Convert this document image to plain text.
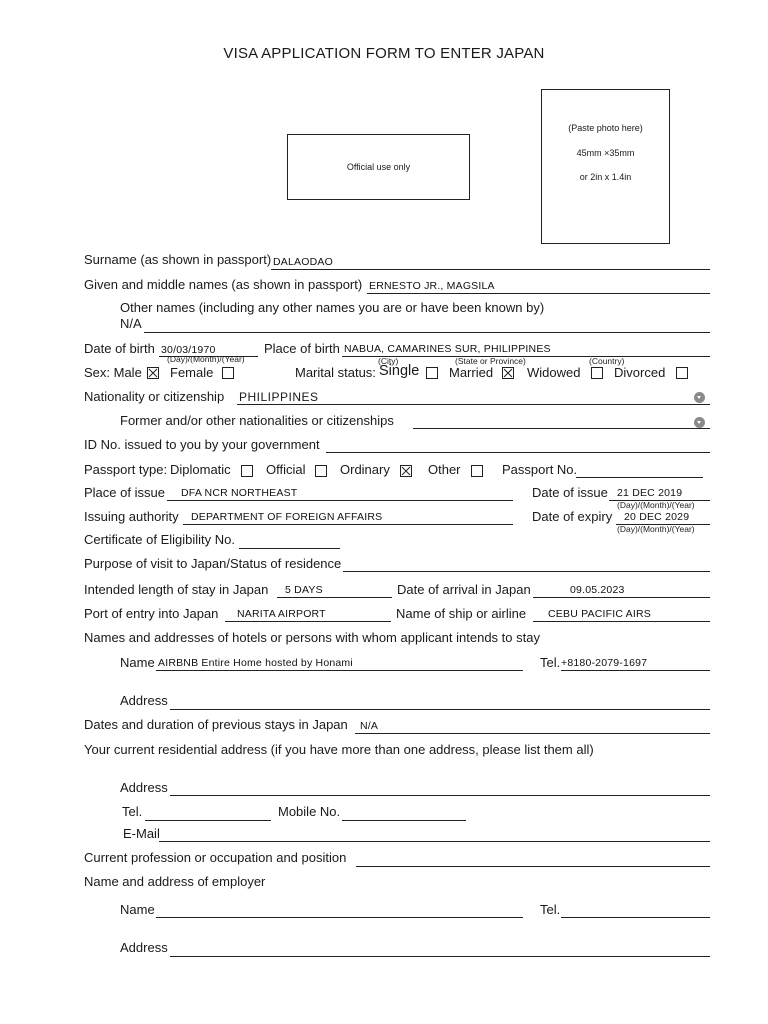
VISA APPLICATION FORM TO ENTER JAPAN
Official use only
(Paste photo here)
45mm ×35mm
or 2in x 1.4in
Surname (as shown in passport) DALAODAO
Given and middle names (as shown in passport) ERNESTO JR., MAGSILA
Other names (including any other names you are or have been known by)
N/A
Date of birth 30/03/1970
(Day)/(Month)/(Year)
Place of birth NABUA, CAMARINES SUR, PHILIPPINES
(City)	(State or Province)	(Country)
Sex: Male Female	Marital status: Single Married	Widowed	Divorced
Nationality or citizenship PHILIPPINES
Former and/or other nationalities or citizenships
ID No. issued to you by your government
Passport type: Diplomatic	Official	Ordinary	Other	Passport No.
Place of issue DFA NCR NORTHEAST	Date of issue 21 DEC 2019
(Day)/(Month)/(Year)
Issuing authority DEPARTMENT OF FOREIGN AFFAIRS	Date of expiry 20 DEC 2029
(Day)/(Month)/(Year)
Certificate of Eligibility No.
Purpose of visit to Japan/Status of residence
Intended length of stay in Japan 5 DAYS	Date of arrival in Japan	09.05.2023
Port of entry into Japan NARITA AIRPORT	Name of ship or airline CEBU PACIFIC AIRS
Names and addresses of hotels or persons with whom applicant intends to stay
Name AIRBNB Entire Home hosted by Honami	Tel. +8180-2079-1697
Address
Dates and duration of previous stays in Japan N/A
Your current residential address (if you have more than one address, please list them all)
Address
Tel.	Mobile No.
E-Mail
Current profession or occupation and position
Name and address of employer
Name	Tel.
Address
